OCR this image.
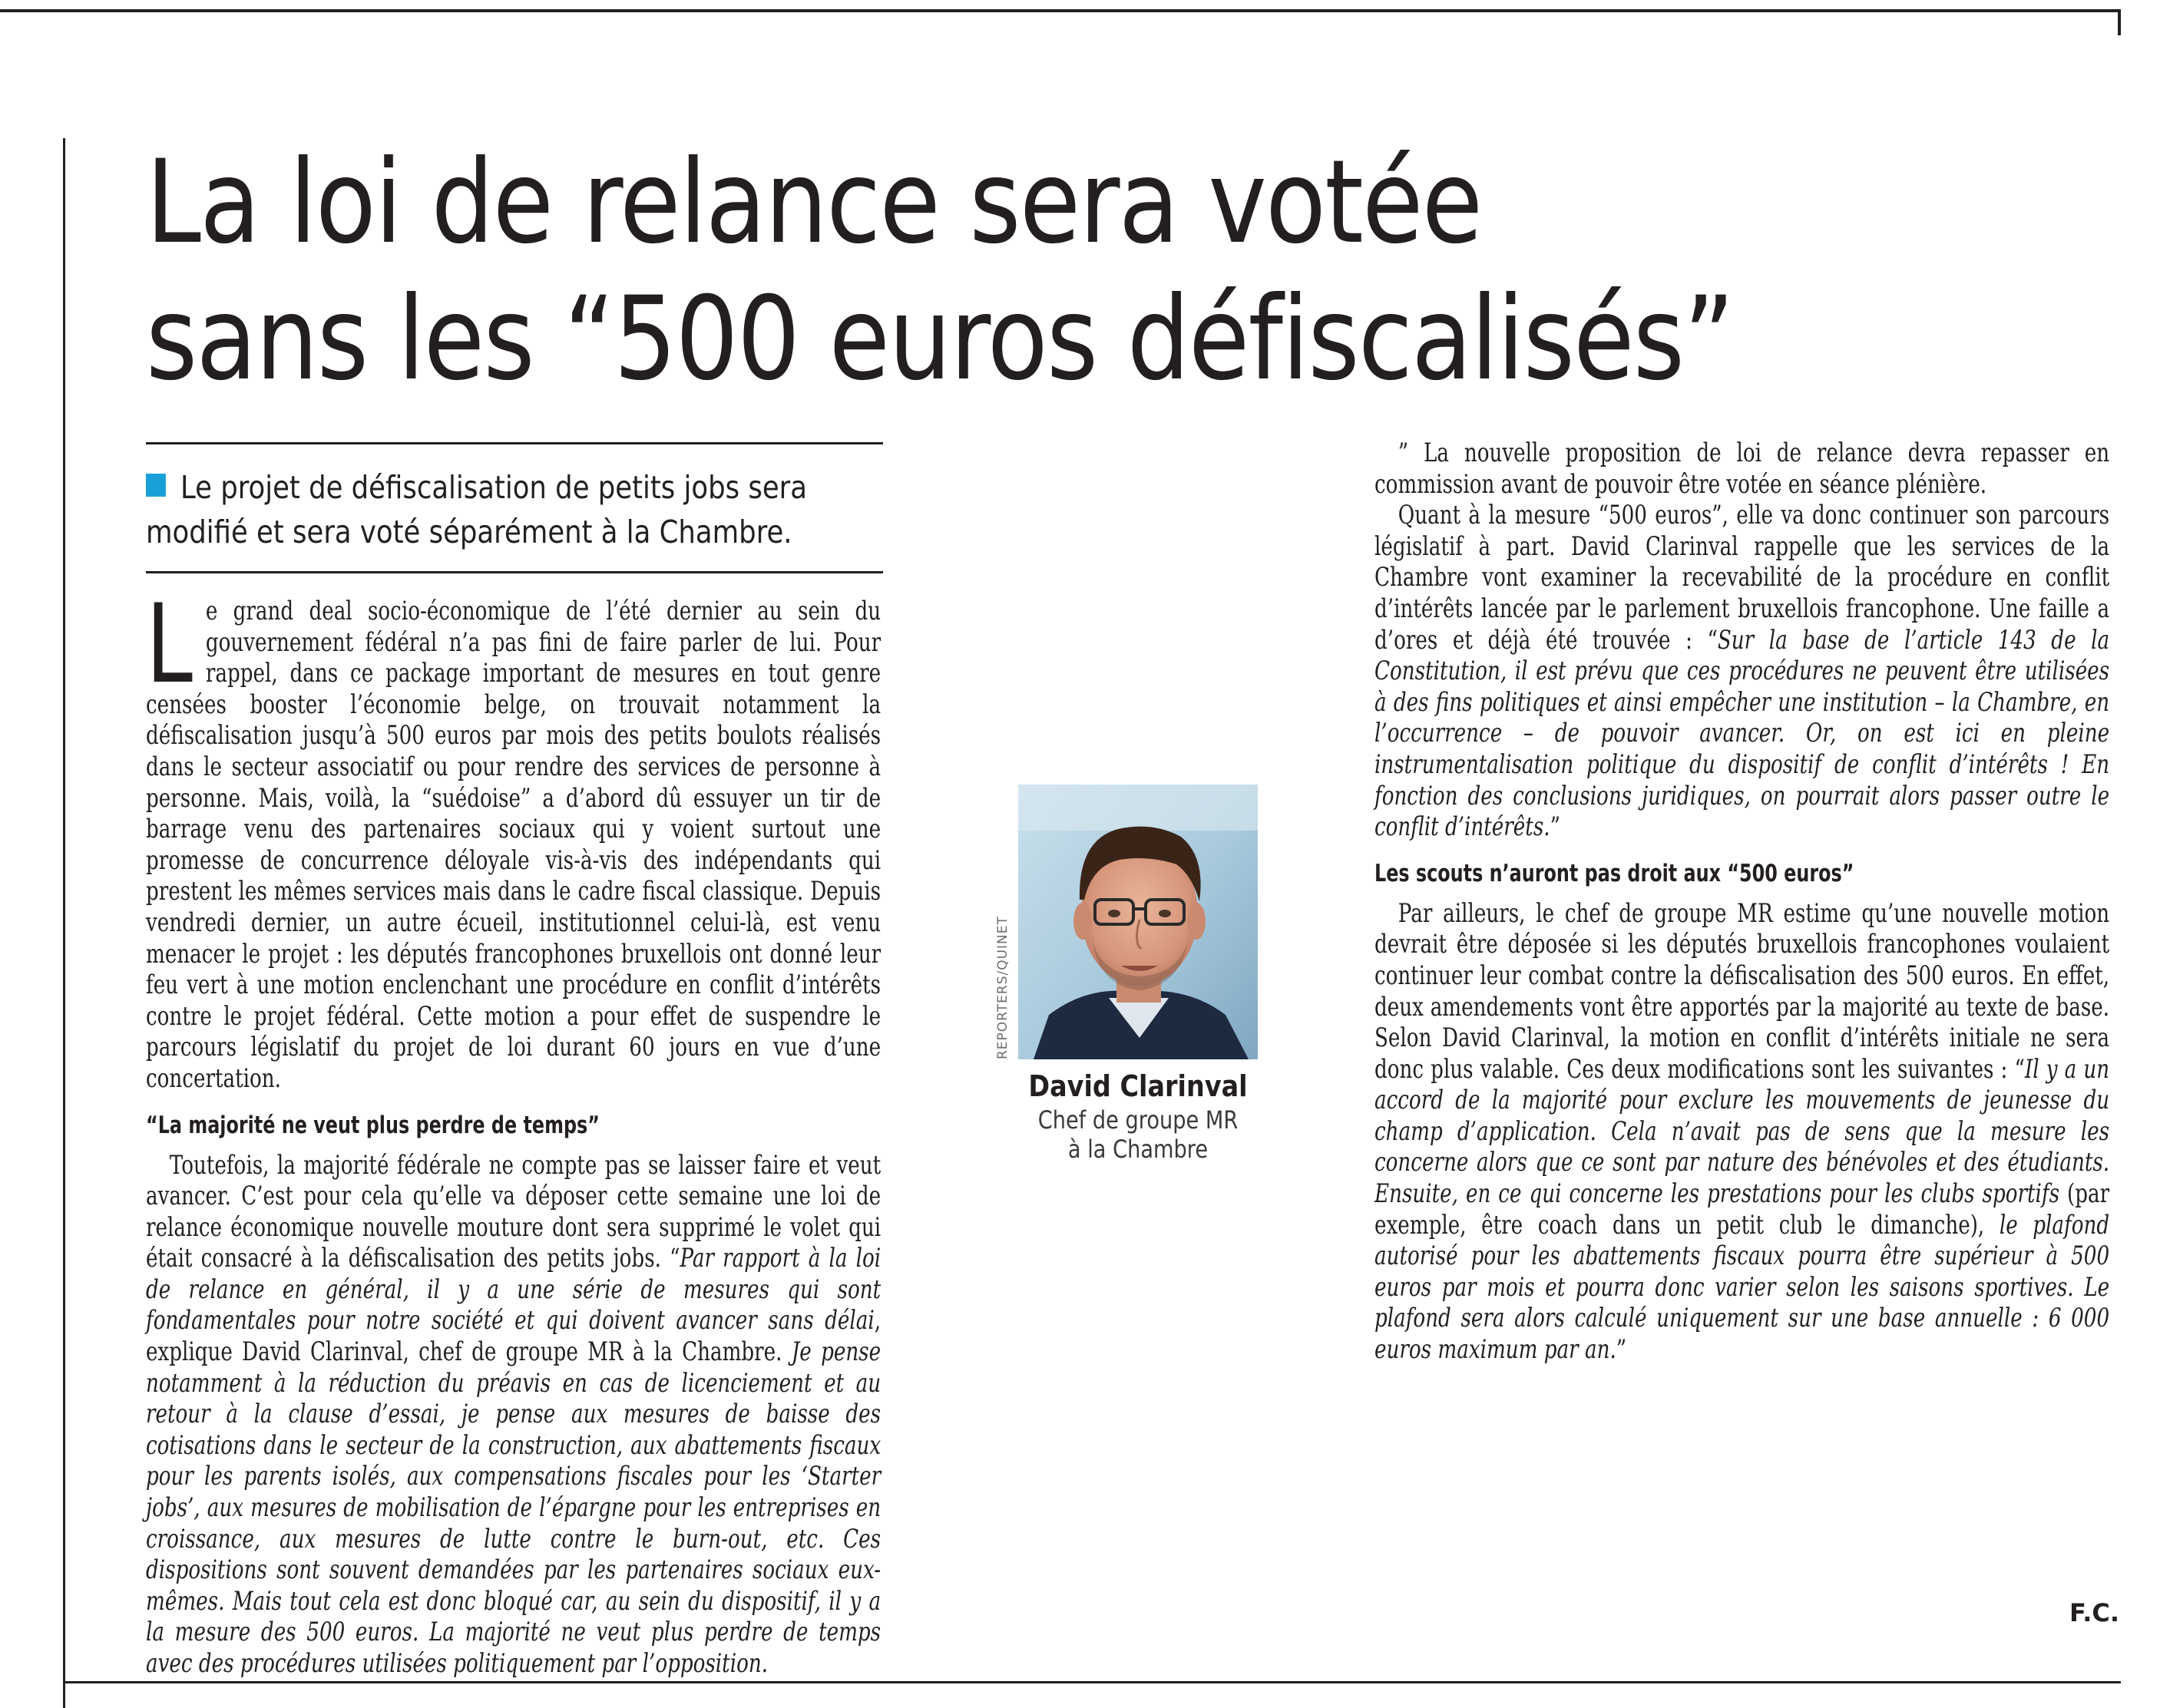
La loi de relance sera votée
sans les “500 euros défiscalisés”

Le projet de défiscalisation de petits jobs sera modifié et sera voté séparément à la Chambre.

Le grand deal socio-économique de l’été dernier au sein du gouvernement fédéral n’a pas fini de faire parler de lui. Pour rappel, dans ce package important de mesures en tout genre censées booster l’économie belge, on trouvait notamment la défiscalisation jusqu’à 500 euros par mois des petits boulots réalisés dans le secteur associatif ou pour rendre des services de personne à personne. Mais, voilà, la “suédoise” a d’abord dû essuyer un tir de barrage venu des partenaires sociaux qui y voient surtout une promesse de concurrence déloyale vis-à-vis des indépendants qui prestent les mêmes services mais dans le cadre fiscal classique. Depuis vendredi dernier, un autre écueil, institutionnel celui-là, est venu menacer le projet : les députés francophones bruxellois ont donné leur feu vert à une motion enclenchant une procédure en conflit d’intérêts contre le projet fédéral. Cette motion a pour effet de suspendre le parcours législatif du projet de loi durant 60 jours en vue d’une concertation.

“La majorité ne veut plus perdre de temps”

Toutefois, la majorité fédérale ne compte pas se laisser faire et veut avancer. C’est pour cela qu’elle va déposer cette semaine une loi de relance économique nouvelle mouture dont sera supprimé le volet qui était consacré à la défiscalisation des petits jobs. “Par rapport à la loi de relance en général, il y a une série de mesures qui sont fondamentales pour notre société et qui doivent avancer sans délai, explique David Clarinval, chef de groupe MR à la Chambre. Je pense notamment à la réduction du préavis en cas de licenciement et au retour à la clause d’essai, je pense aux mesures de baisse des cotisations dans le secteur de la construction, aux abattements fiscaux pour les parents isolés, aux compensations fiscales pour les ‘Starter jobs’, aux mesures de mobilisation de l’épargne pour les entreprises en croissance, aux mesures de lutte contre le burn-out, etc. Ces dispositions sont souvent demandées par les partenaires sociaux eux-mêmes. Mais tout cela est donc bloqué car, au sein du dispositif, il y a la mesure des 500 euros. La majorité ne veut plus perdre de temps avec des procédures utilisées politiquement par l’opposition.

REPORTERS/QUINET

David Clarinval

Chef de groupe MR
à la Chambre

” La nouvelle proposition de loi de relance devra repasser en commission avant de pouvoir être votée en séance plénière.

Quant à la mesure “500 euros”, elle va donc continuer son parcours législatif à part. David Clarinval rappelle que les services de la Chambre vont examiner la recevabilité de la procédure en conflit d’intérêts lancée par le parlement bruxellois francophone. Une faille a d’ores et déjà été trouvée : “Sur la base de l’article 143 de la Constitution, il est prévu que ces procédures ne peuvent être utilisées à des fins politiques et ainsi empêcher une institution – la Chambre, en l’occurrence – de pouvoir avancer. Or, on est ici en pleine instrumentalisation politique du dispositif de conflit d’intérêts ! En fonction des conclusions juridiques, on pourrait alors passer outre le conflit d’intérêts.”

Les scouts n’auront pas droit aux “500 euros”

Par ailleurs, le chef de groupe MR estime qu’une nouvelle motion devrait être déposée si les députés bruxellois francophones voulaient continuer leur combat contre la défiscalisation des 500 euros. En effet, deux amendements vont être apportés par la majorité au texte de base. Selon David Clarinval, la motion en conflit d’intérêts initiale ne sera donc plus valable. Ces deux modifications sont les suivantes : “Il y a un accord de la majorité pour exclure les mouvements de jeunesse du champ d’application. Cela n’avait pas de sens que la mesure les concerne alors que ce sont par nature des bénévoles et des étudiants. Ensuite, en ce qui concerne les prestations pour les clubs sportifs (par exemple, être coach dans un petit club le dimanche), le plafond autorisé pour les abattements fiscaux pourra être supérieur à 500 euros par mois et pourra donc varier selon les saisons sportives. Le plafond sera alors calculé uniquement sur une base annuelle : 6 000 euros maximum par an.”

F.C.
